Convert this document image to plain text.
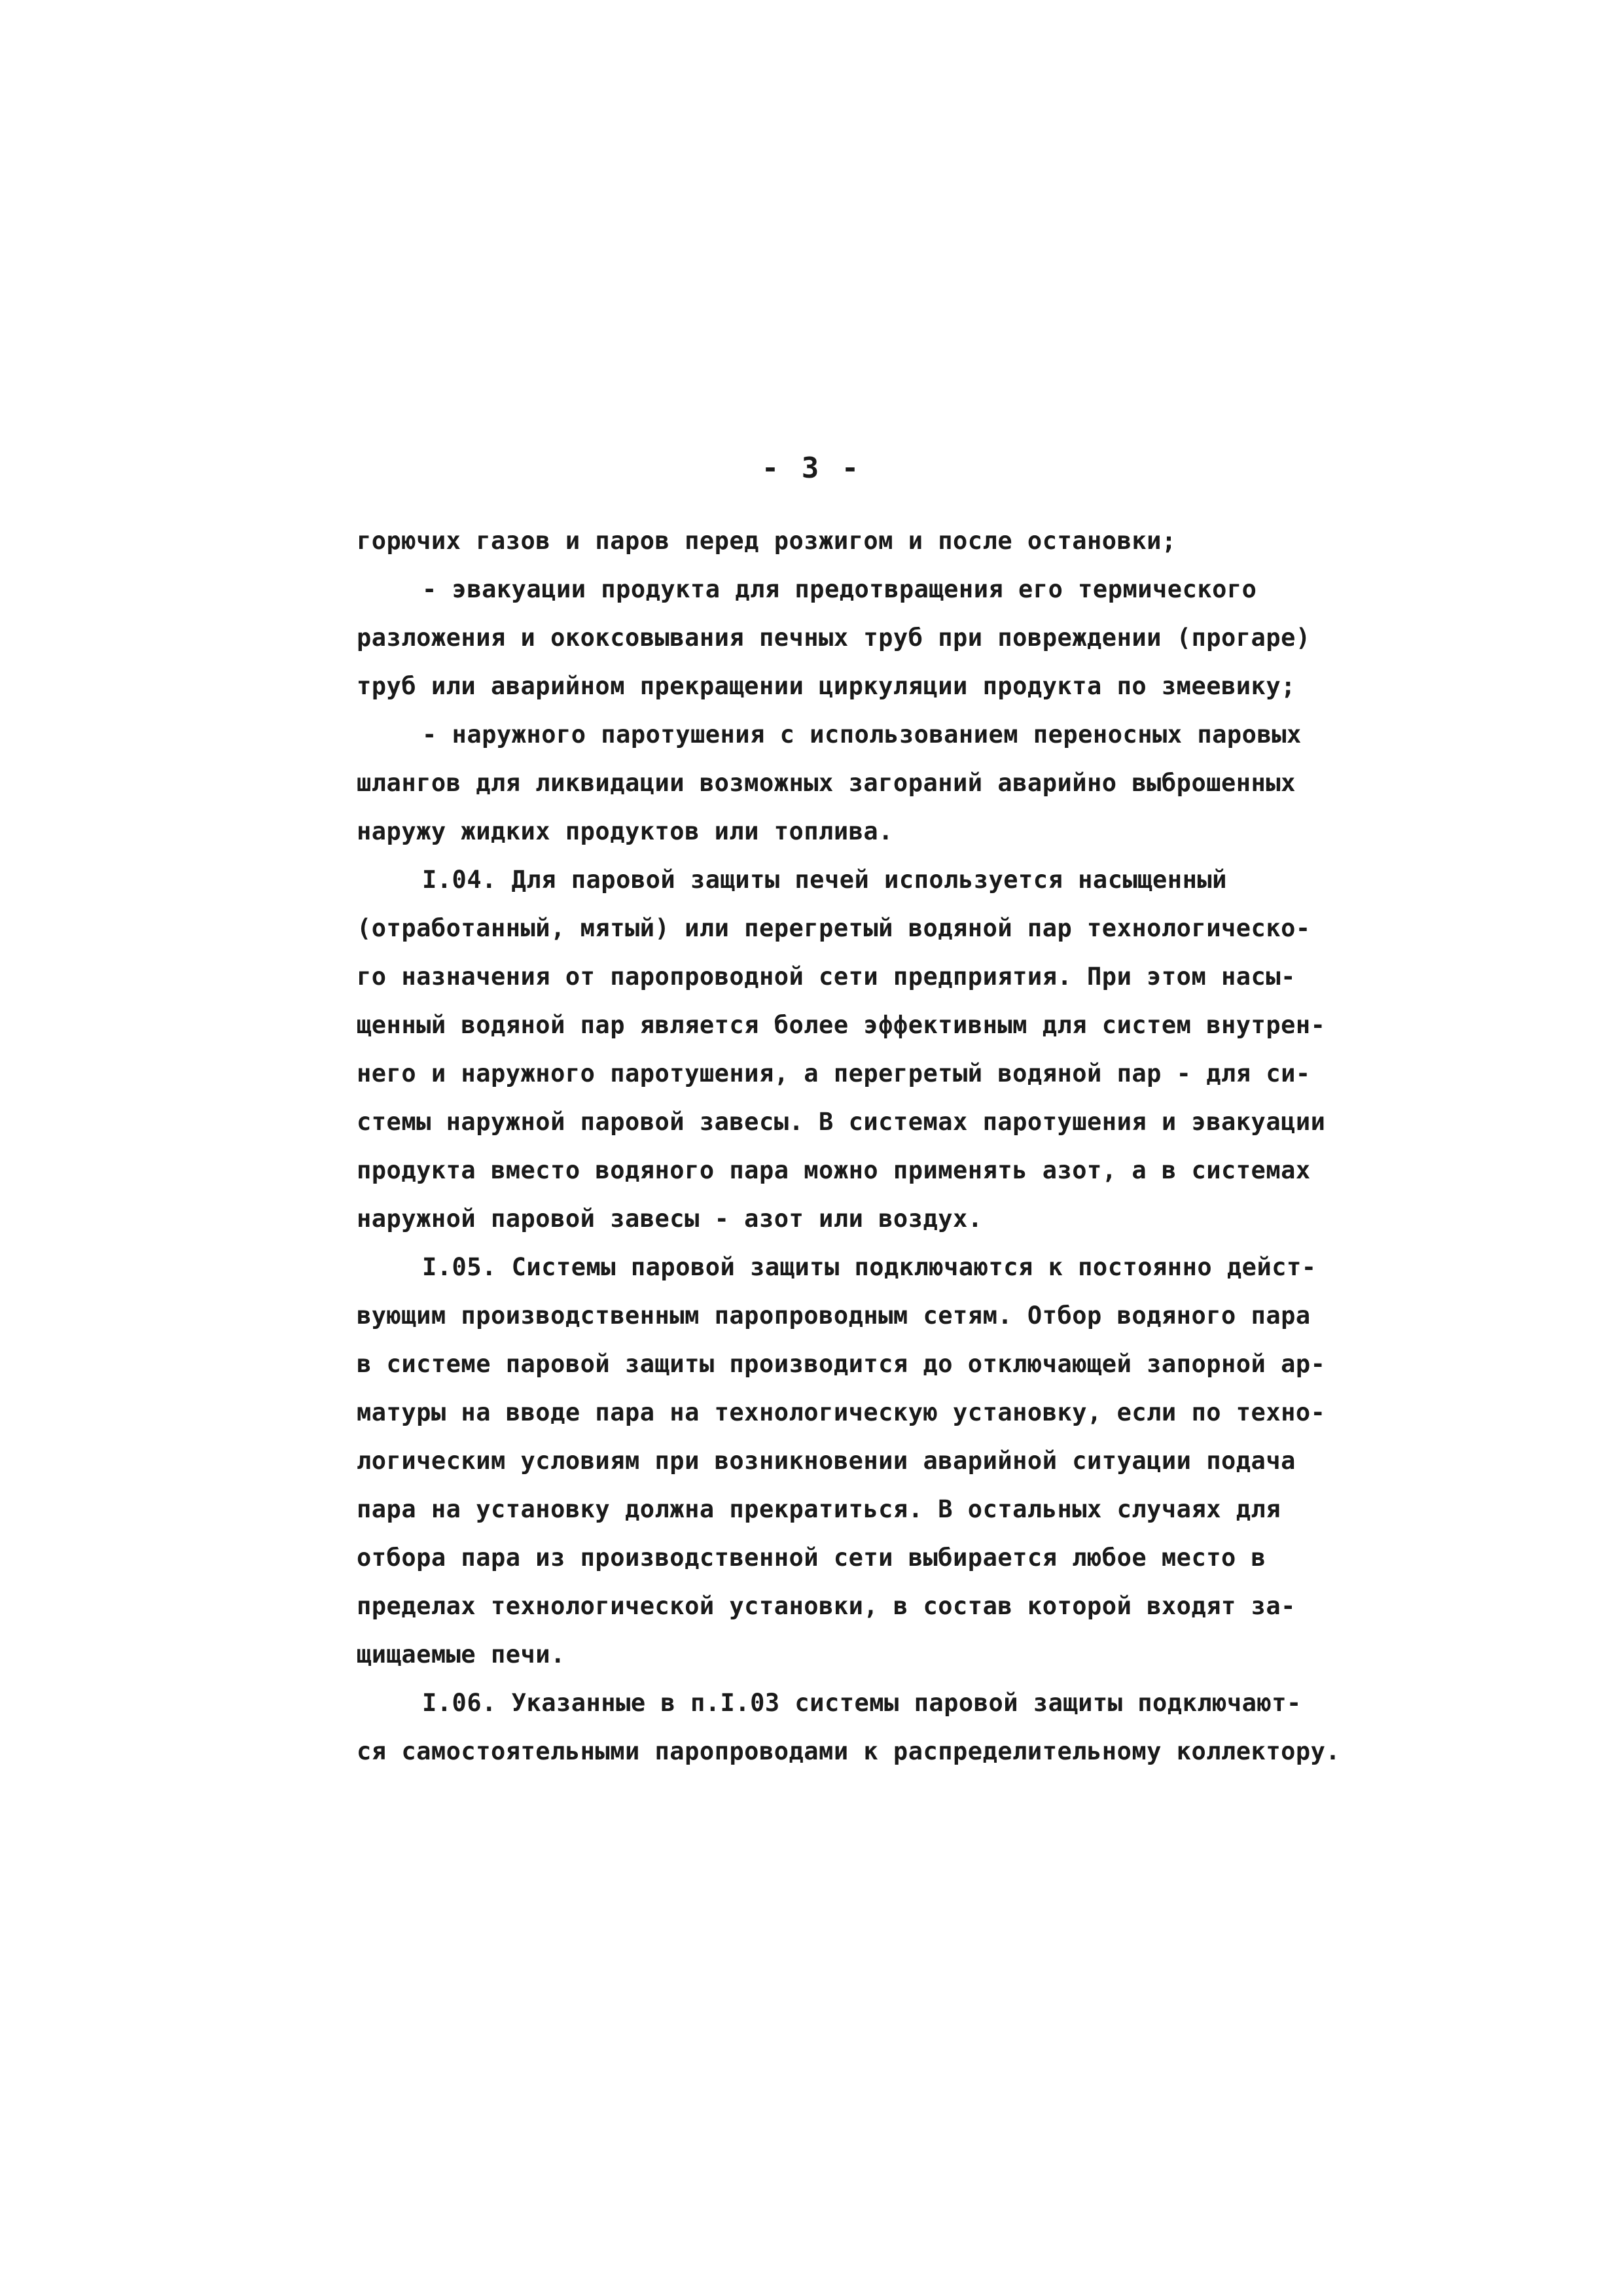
- 3 -
горючих газов и паров перед розжигом и после остановки;
- эвакуации продукта для предотвращения его термического
разложения и ококсовывания печных труб при повреждении (прогаре)
труб или аварийном прекращении циркуляции продукта по змеевику;
- наружного паротушения с использованием переносных паровых
шлангов для ликвидации возможных загораний аварийно выброшенных
наружу жидких продуктов или топлива.
I.04. Для паровой защиты печей используется насыщенный
(отработанный, мятый) или перегретый водяной пар технологическо-
го назначения от паропроводной сети предприятия. При этом насы-
щенный водяной пар является более эффективным для систем внутрен-
него и наружного паротушения, а перегретый водяной пар - для си-
стемы наружной паровой завесы. В системах паротушения и эвакуации
продукта вместо водяного пара можно применять азот, а в системах
наружной паровой завесы - азот или воздух.
I.05. Системы паровой защиты подключаются к постоянно дейст-
вующим производственным паропроводным сетям. Отбор водяного пара
в системе паровой защиты производится до отключающей запорной ар-
матуры на вводе пара на технологическую установку, если по техно-
логическим условиям при возникновении аварийной ситуации подача
пара на установку должна прекратиться. В остальных случаях для
отбора пара из производственной сети выбирается любое место в
пределах технологической установки, в состав которой входят за-
щищаемые печи.
I.06. Указанные в п.I.03 системы паровой защиты подключают-
ся самостоятельными паропроводами к распределительному коллектору.
